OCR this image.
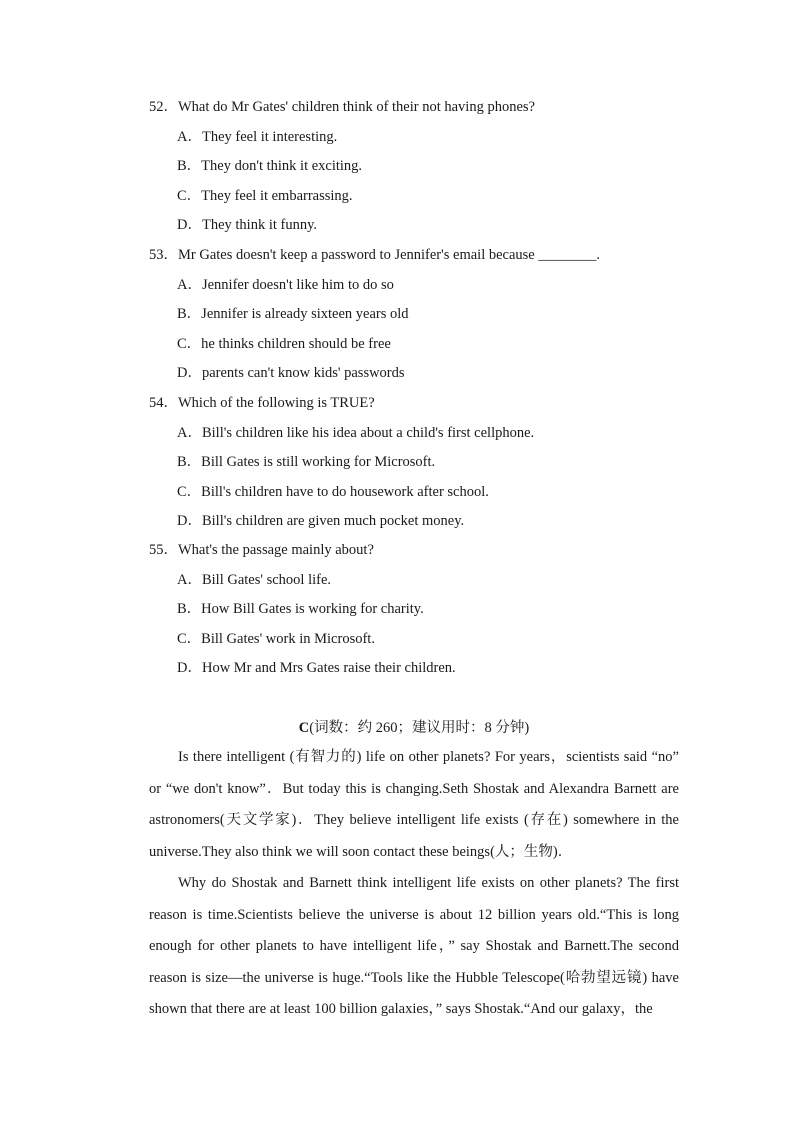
52．What do Mr Gates' children think of their not having phones?
A．They feel it interesting.
B．They don't think it exciting.
C．They feel it embarrassing.
D．They think it funny.
53．Mr Gates doesn't keep a password to Jennifer's email because ________.
A．Jennifer doesn't like him to do so
B．Jennifer is already sixteen years old
C．he thinks children should be free
D．parents can't know kids' passwords
54．Which of the following is TRUE?
A．Bill's children like his idea about a child's first cellphone.
B．Bill Gates is still working for Microsoft.
C．Bill's children have to do housework after school.
D．Bill's children are given much pocket money.
55．What's the passage mainly about?
A．Bill Gates' school life.
B．How Bill Gates is working for charity.
C．Bill Gates' work in Microsoft.
D．How Mr and Mrs Gates raise their children.
C(词数：约 260；建议用时：8 分钟)

Is there intelligent (有智力的) life on other planets? For years，scientists said “no” or “we don't know”．But today this is changing.Seth Shostak and Alexandra Barnett are astronomers(天文学家)．They believe intelligent life exists (存在) somewhere in the universe.They also think we will soon contact these beings(人；生物)．

Why do Shostak and Barnett think intelligent life exists on other planets? The first reason is time.Scientists believe the universe is about 12 billion years old.“This is long enough for other planets to have intelligent life，” say Shostak and Barnett.The second reason is size—the universe is huge.“Tools like the Hubble Telescope(哈勃望远镜) have shown that there are at least 100 billion galaxies，” says Shostak.“And our galaxy，the
